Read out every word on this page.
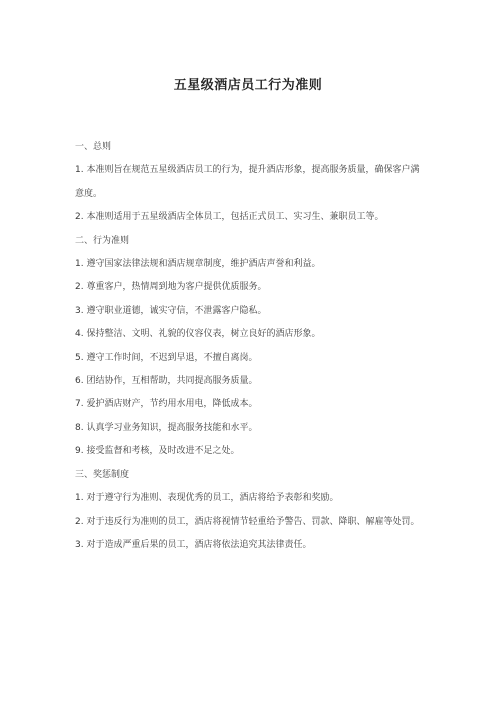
五星级酒店员工行为准则

一、总则

1. 本准则旨在规范五星级酒店员工的行为，提升酒店形象，提高服务质量，确保客户满意度。

2. 本准则适用于五星级酒店全体员工，包括正式员工、实习生、兼职员工等。

二、行为准则

1. 遵守国家法律法规和酒店规章制度，维护酒店声誉和利益。

2. 尊重客户，热情周到地为客户提供优质服务。

3. 遵守职业道德，诚实守信，不泄露客户隐私。

4. 保持整洁、文明、礼貌的仪容仪表，树立良好的酒店形象。

5. 遵守工作时间，不迟到早退，不擅自离岗。

6. 团结协作，互相帮助，共同提高服务质量。

7. 爱护酒店财产，节约用水用电，降低成本。

8. 认真学习业务知识，提高服务技能和水平。

9. 接受监督和考核，及时改进不足之处。

三、奖惩制度

1. 对于遵守行为准则、表现优秀的员工，酒店将给予表彰和奖励。

2. 对于违反行为准则的员工，酒店将视情节轻重给予警告、罚款、降职、解雇等处罚。

3. 对于造成严重后果的员工，酒店将依法追究其法律责任。
